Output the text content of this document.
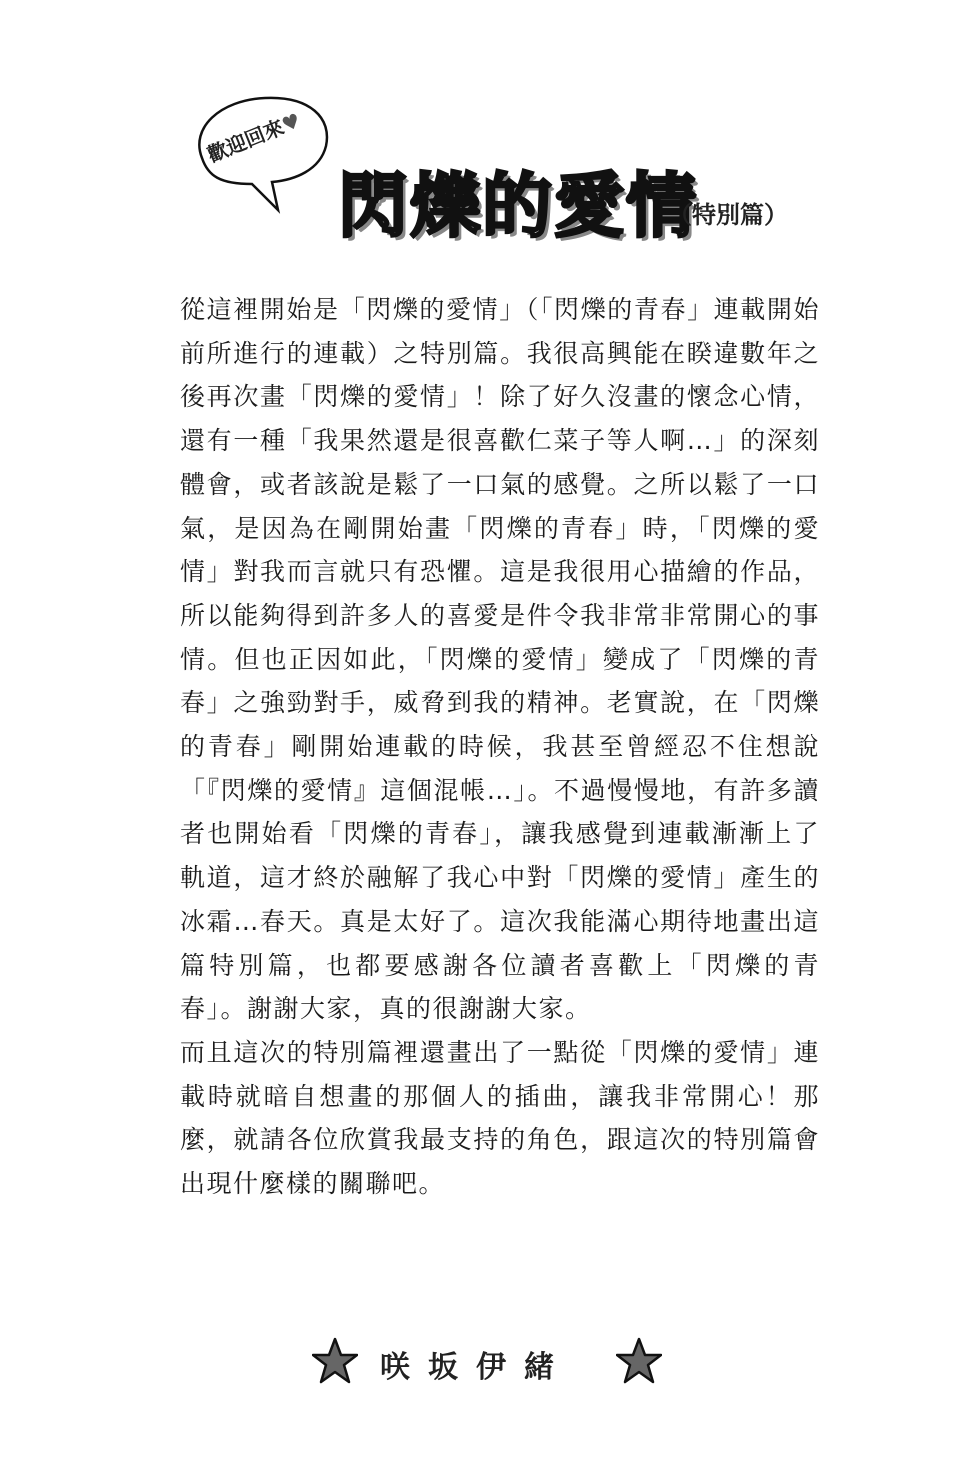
歡迎回來♥
閃爍的愛情
（特別篇）

從這裡開始是「閃爍的愛情」（「閃爍的青春」連載開始前所進行的連載）之特別篇。我很高興能在睽違數年之後再次畫「閃爍的愛情」！除了好久沒畫的懷念心情，還有一種「我果然還是很喜歡仁菜子等人啊…」的深刻體會，或者該說是鬆了一口氣的感覺。之所以鬆了一口氣，是因為在剛開始畫「閃爍的青春」時，「閃爍的愛情」對我而言就只有恐懼。這是我很用心描繪的作品，所以能夠得到許多人的喜愛是件令我非常非常開心的事情。但也正因如此，「閃爍的愛情」變成了「閃爍的青春」之強勁對手，威脅到我的精神。老實說，在「閃爍的青春」剛開始連載的時候，我甚至曾經忍不住想說「『閃爍的愛情』這個混帳…」。不過慢慢地，有許多讀者也開始看「閃爍的青春」，讓我感覺到連載漸漸上了軌道，這才終於融解了我心中對「閃爍的愛情」產生的冰霜…春天。真是太好了。這次我能滿心期待地畫出這篇特別篇，也都要感謝各位讀者喜歡上「閃爍的青春」。謝謝大家，真的很謝謝大家。

而且這次的特別篇裡還畫出了一點從「閃爍的愛情」連載時就暗自想畫的那個人的插曲，讓我非常開心！那麼，就請各位欣賞我最支持的角色，跟這次的特別篇會出現什麼樣的關聯吧。

咲坂伊緒
